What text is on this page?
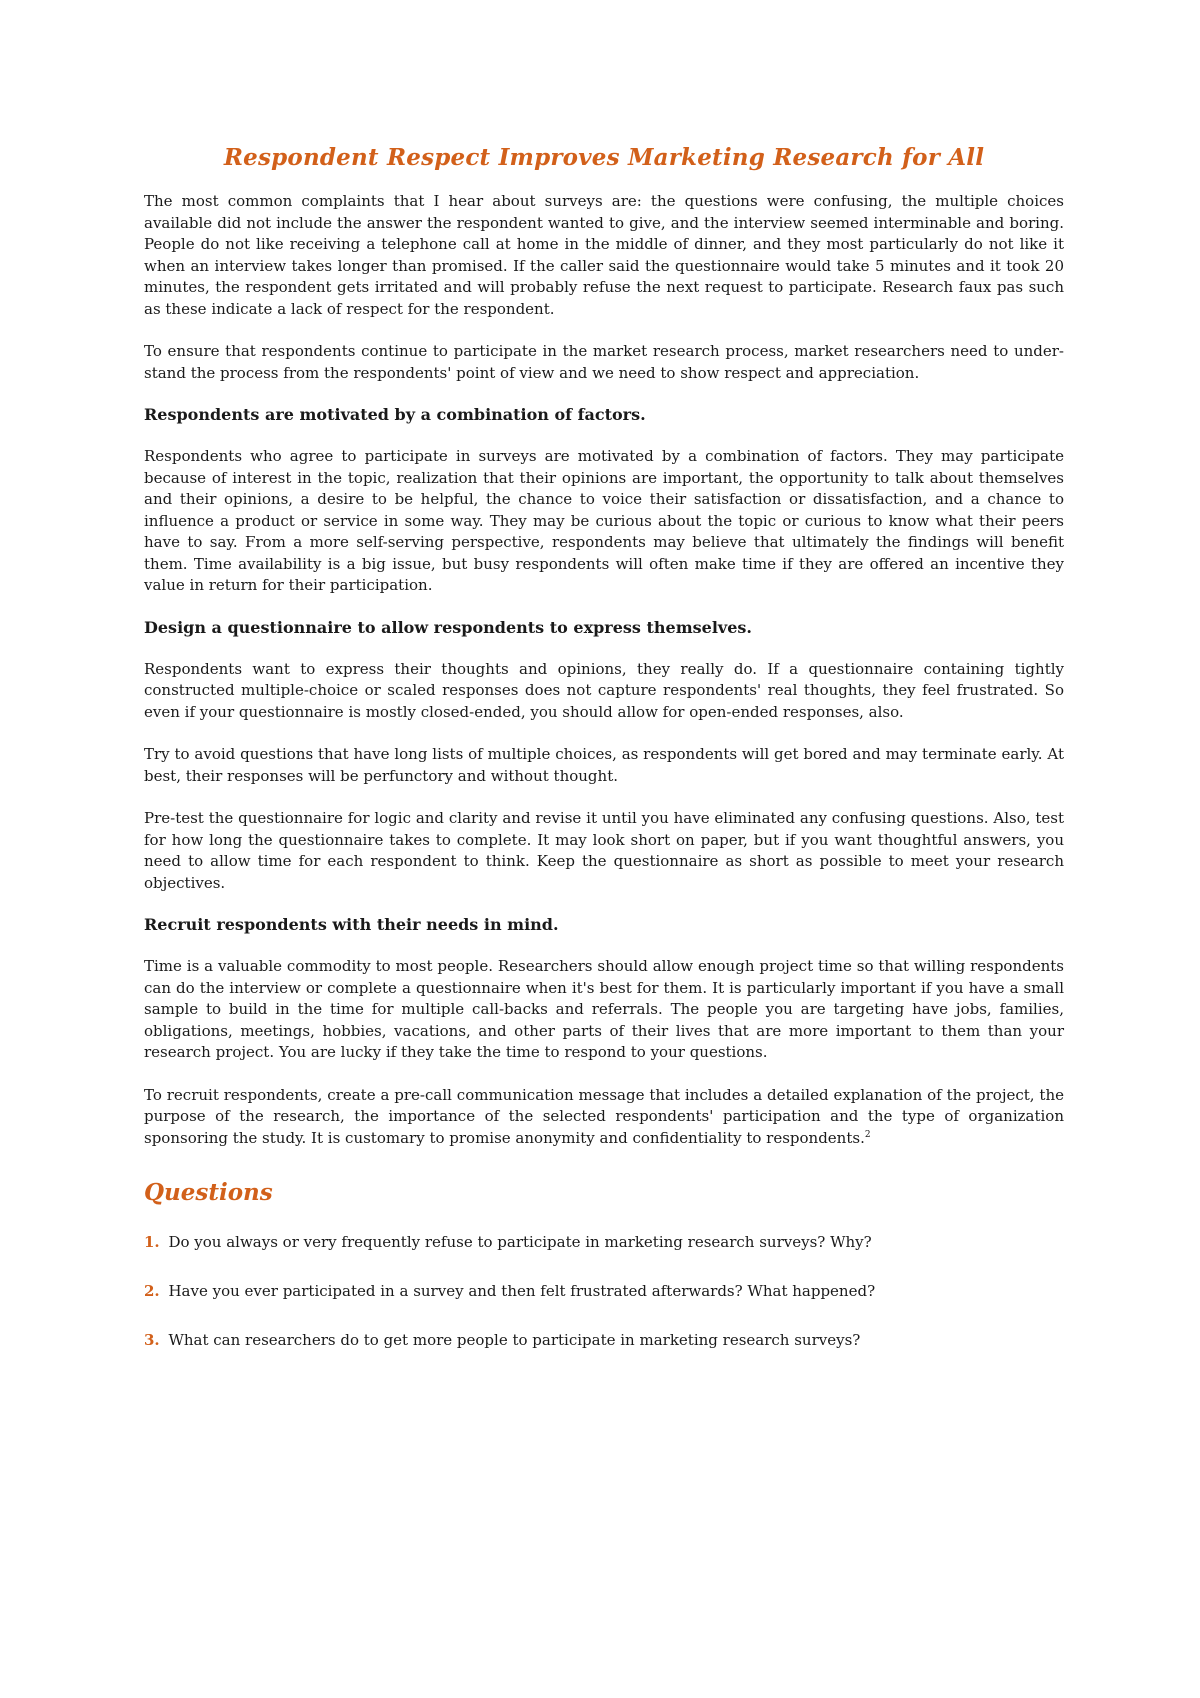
Respondent Respect Improves Marketing Research for All

The most common complaints that I hear about surveys are: the questions were confusing, the multiple choices available did not include the answer the respondent wanted to give, and the interview seemed interminable and boring. People do not like receiving a telephone call at home in the middle of dinner, and they most particularly do not like it when an interview takes longer than promised. If the caller said the questionnaire would take 5 minutes and it took 20 minutes, the respondent gets irritated and will probably refuse the next request to participate. Research faux pas such as these indicate a lack of respect for the respondent.

To ensure that respondents continue to participate in the market research process, market researchers need to under-stand the process from the respondents' point of view and we need to show respect and appreciation.

Respondents are motivated by a combination of factors.

Respondents who agree to participate in surveys are motivated by a combination of factors. They may participate because of interest in the topic, realization that their opinions are important, the opportunity to talk about themselves and their opinions, a desire to be helpful, the chance to voice their satisfaction or dissatisfaction, and a chance to influence a product or service in some way. They may be curious about the topic or curious to know what their peers have to say. From a more self-serving perspective, respondents may believe that ultimately the findings will benefit them. Time availability is a big issue, but busy respondents will often make time if they are offered an incentive they value in return for their participation.

Design a questionnaire to allow respondents to express themselves.

Respondents want to express their thoughts and opinions, they really do. If a questionnaire containing tightly constructed multiple-choice or scaled responses does not capture respondents' real thoughts, they feel frustrated. So even if your questionnaire is mostly closed-ended, you should allow for open-ended responses, also.

Try to avoid questions that have long lists of multiple choices, as respondents will get bored and may terminate early. At best, their responses will be perfunctory and without thought.

Pre-test the questionnaire for logic and clarity and revise it until you have eliminated any confusing questions. Also, test for how long the questionnaire takes to complete. It may look short on paper, but if you want thoughtful answers, you need to allow time for each respondent to think. Keep the questionnaire as short as possible to meet your research objectives.

Recruit respondents with their needs in mind.

Time is a valuable commodity to most people. Researchers should allow enough project time so that willing respondents can do the interview or complete a questionnaire when it's best for them. It is particularly important if you have a small sample to build in the time for multiple call-backs and referrals. The people you are targeting have jobs, families, obligations, meetings, hobbies, vacations, and other parts of their lives that are more important to them than your research project. You are lucky if they take the time to respond to your questions.

To recruit respondents, create a pre-call communication message that includes a detailed explanation of the project, the purpose of the research, the importance of the selected respondents' participation and the type of organization sponsoring the study. It is customary to promise anonymity and confidentiality to respondents.$^2$

Questions
1. Do you always or very frequently refuse to participate in marketing research surveys? Why?
2. Have you ever participated in a survey and then felt frustrated afterwards? What happened?
3. What can researchers do to get more people to participate in marketing research surveys?
